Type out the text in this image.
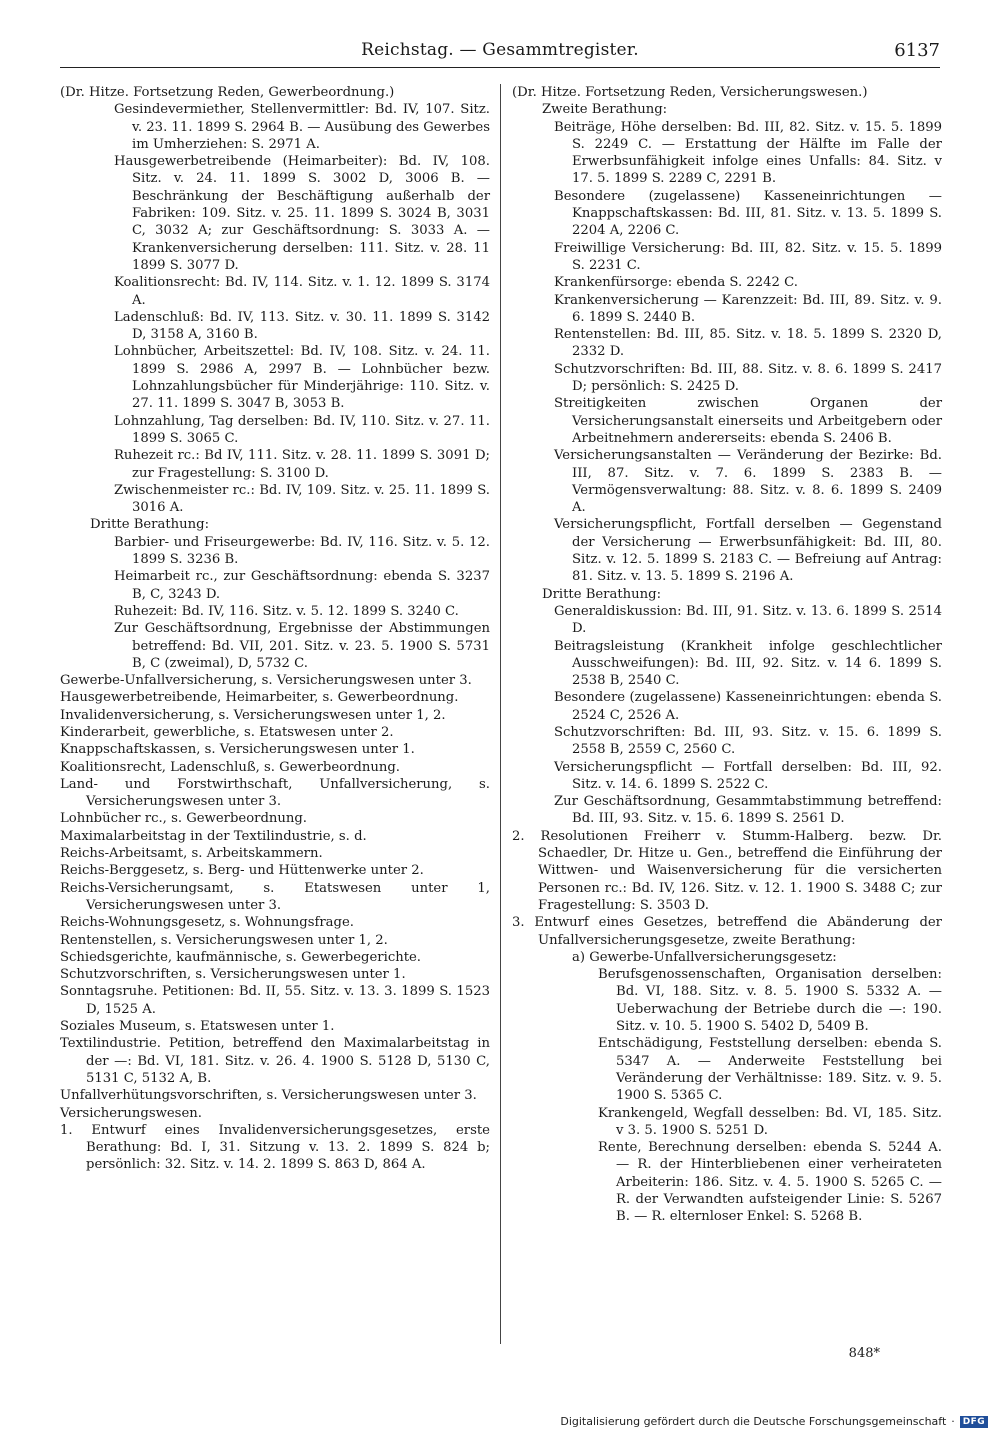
Reichstag. — Gesammtregister.	6137

(Dr. Hitze. Fortsetzung Reden, Gewerbeordnung.)

Gesindevermiether, Stellenvermittler: Bd. IV, 107. Sitz. v. 23. 11. 1899 S. 2964 B. — Ausübung des Gewerbes im Umherziehen: S. 2971 A.

Hausgewerbetreibende (Heimarbeiter): Bd. IV, 108. Sitz. v. 24. 11. 1899 S. 3002 D, 3006 B. — Beschränkung der Beschäftigung außerhalb der Fabriken: 109. Sitz. v. 25. 11. 1899 S. 3024 B, 3031 C, 3032 A; zur Geschäftsordnung: S. 3033 A. — Krankenversicherung derselben: 111. Sitz. v. 28. 11 1899 S. 3077 D.

Koalitionsrecht: Bd. IV, 114. Sitz. v. 1. 12. 1899 S. 3174 A.

Ladenschluß: Bd. IV, 113. Sitz. v. 30. 11. 1899 S. 3142 D, 3158 A, 3160 B.

Lohnbücher, Arbeitszettel: Bd. IV, 108. Sitz. v. 24. 11. 1899 S. 2986 A, 2997 B. — Lohnbücher bezw. Lohnzahlungsbücher für Minderjährige: 110. Sitz. v. 27. 11. 1899 S. 3047 B, 3053 B.

Lohnzahlung, Tag derselben: Bd. IV, 110. Sitz. v. 27. 11. 1899 S. 3065 C.

Ruhezeit rc.: Bd IV, 111. Sitz. v. 28. 11. 1899 S. 3091 D; zur Fragestellung: S. 3100 D.

Zwischenmeister rc.: Bd. IV, 109. Sitz. v. 25. 11. 1899 S. 3016 A.

Dritte Berathung:

Barbier- und Friseurgewerbe: Bd. IV, 116. Sitz. v. 5. 12. 1899 S. 3236 B.

Heimarbeit rc., zur Geschäftsordnung: ebenda S. 3237 B, C, 3243 D.

Ruhezeit: Bd. IV, 116. Sitz. v. 5. 12. 1899 S. 3240 C.

Zur Geschäftsordnung, Ergebnisse der Abstimmungen betreffend: Bd. VII, 201. Sitz. v. 23. 5. 1900 S. 5731 B, C (zweimal), D, 5732 C.

Gewerbe-Unfallversicherung, s. Versicherungswesen unter 3.

Hausgewerbetreibende, Heimarbeiter, s. Gewerbeordnung.

Invalidenversicherung, s. Versicherungswesen unter 1, 2.

Kinderarbeit, gewerbliche, s. Etatswesen unter 2.

Knappschaftskassen, s. Versicherungswesen unter 1.

Koalitionsrecht, Ladenschluß, s. Gewerbeordnung.

Land- und Forstwirthschaft, Unfallversicherung, s. Versicherungswesen unter 3.

Lohnbücher rc., s. Gewerbeordnung.

Maximalarbeitstag in der Textilindustrie, s. d.

Reichs-Arbeitsamt, s. Arbeitskammern.

Reichs-Berggesetz, s. Berg- und Hüttenwerke unter 2.

Reichs-Versicherungsamt, s. Etatswesen unter 1, Versicherungswesen unter 3.

Reichs-Wohnungsgesetz, s. Wohnungsfrage.

Rentenstellen, s. Versicherungswesen unter 1, 2.

Schiedsgerichte, kaufmännische, s. Gewerbegerichte.

Schutzvorschriften, s. Versicherungswesen unter 1.

Sonntagsruhe. Petitionen: Bd. II, 55. Sitz. v. 13. 3. 1899 S. 1523 D, 1525 A.

Soziales Museum, s. Etatswesen unter 1.

Textilindustrie. Petition, betreffend den Maximalarbeitstag in der —: Bd. VI, 181. Sitz. v. 26. 4. 1900 S. 5128 D, 5130 C, 5131 C, 5132 A, B.

Unfallverhütungsvorschriften, s. Versicherungswesen unter 3.

Versicherungswesen.

1. Entwurf eines Invalidenversicherungsgesetzes, erste Berathung: Bd. I, 31. Sitzung v. 13. 2. 1899 S. 824 b; persönlich: 32. Sitz. v. 14. 2. 1899 S. 863 D, 864 A.

(Dr. Hitze. Fortsetzung Reden, Versicherungswesen.)

Zweite Berathung:

Beiträge, Höhe derselben: Bd. III, 82. Sitz. v. 15. 5. 1899 S. 2249 C. — Erstattung der Hälfte im Falle der Erwerbsunfähigkeit infolge eines Unfalls: 84. Sitz. v 17. 5. 1899 S. 2289 C, 2291 B.

Besondere (zugelassene) Kasseneinrichtungen — Knappschaftskassen: Bd. III, 81. Sitz. v. 13. 5. 1899 S. 2204 A, 2206 C.

Freiwillige Versicherung: Bd. III, 82. Sitz. v. 15. 5. 1899 S. 2231 C.

Krankenfürsorge: ebenda S. 2242 C.

Krankenversicherung — Karenzzeit: Bd. III, 89. Sitz. v. 9. 6. 1899 S. 2440 B.

Rentenstellen: Bd. III, 85. Sitz. v. 18. 5. 1899 S. 2320 D, 2332 D.

Schutzvorschriften: Bd. III, 88. Sitz. v. 8. 6. 1899 S. 2417 D; persönlich: S. 2425 D.

Streitigkeiten zwischen Organen der Versicherungsanstalt einerseits und Arbeitgebern oder Arbeitnehmern andererseits: ebenda S. 2406 B.

Versicherungsanstalten — Veränderung der Bezirke: Bd. III, 87. Sitz. v. 7. 6. 1899 S. 2383 B. — Vermögensverwaltung: 88. Sitz. v. 8. 6. 1899 S. 2409 A.

Versicherungspflicht, Fortfall derselben — Gegenstand der Versicherung — Erwerbsunfähigkeit: Bd. III, 80. Sitz. v. 12. 5. 1899 S. 2183 C. — Befreiung auf Antrag: 81. Sitz. v. 13. 5. 1899 S. 2196 A.

Dritte Berathung:

Generaldiskussion: Bd. III, 91. Sitz. v. 13. 6. 1899 S. 2514 D.

Beitragsleistung (Krankheit infolge geschlechtlicher Ausschweifungen): Bd. III, 92. Sitz. v. 14 6. 1899 S. 2538 B, 2540 C.

Besondere (zugelassene) Kasseneinrichtungen: ebenda S. 2524 C, 2526 A.

Schutzvorschriften: Bd. III, 93. Sitz. v. 15. 6. 1899 S. 2558 B, 2559 C, 2560 C.

Versicherungspflicht — Fortfall derselben: Bd. III, 92. Sitz. v. 14. 6. 1899 S. 2522 C.

Zur Geschäftsordnung, Gesammtabstimmung betreffend: Bd. III, 93. Sitz. v. 15. 6. 1899 S. 2561 D.

2. Resolutionen Freiherr v. Stumm-Halberg. bezw. Dr. Schaedler, Dr. Hitze u. Gen., betreffend die Einführung der Wittwen- und Waisenversicherung für die versicherten Personen rc.: Bd. IV, 126. Sitz. v. 12. 1. 1900 S. 3488 C; zur Fragestellung: S. 3503 D.

3. Entwurf eines Gesetzes, betreffend die Abänderung der Unfallversicherungsgesetze, zweite Berathung:

a) Gewerbe-Unfallversicherungsgesetz:

Berufsgenossenschaften, Organisation derselben: Bd. VI, 188. Sitz. v. 8. 5. 1900 S. 5332 A. — Ueberwachung der Betriebe durch die —: 190. Sitz. v. 10. 5. 1900 S. 5402 D, 5409 B.

Entschädigung, Feststellung derselben: ebenda S. 5347 A. — Anderweite Feststellung bei Veränderung der Verhältnisse: 189. Sitz. v. 9. 5. 1900 S. 5365 C.

Krankengeld, Wegfall desselben: Bd. VI, 185. Sitz. v 3. 5. 1900 S. 5251 D.

Rente, Berechnung derselben: ebenda S. 5244 A. — R. der Hinterbliebenen einer verheirateten Arbeiterin: 186. Sitz. v. 4. 5. 1900 S. 5265 C. — R. der Verwandten aufsteigender Linie: S. 5267 B. — R. elternloser Enkel: S. 5268 B.

848*
Digitalisierung gefördert durch die Deutsche Forschungsgemeinschaft · DFG
